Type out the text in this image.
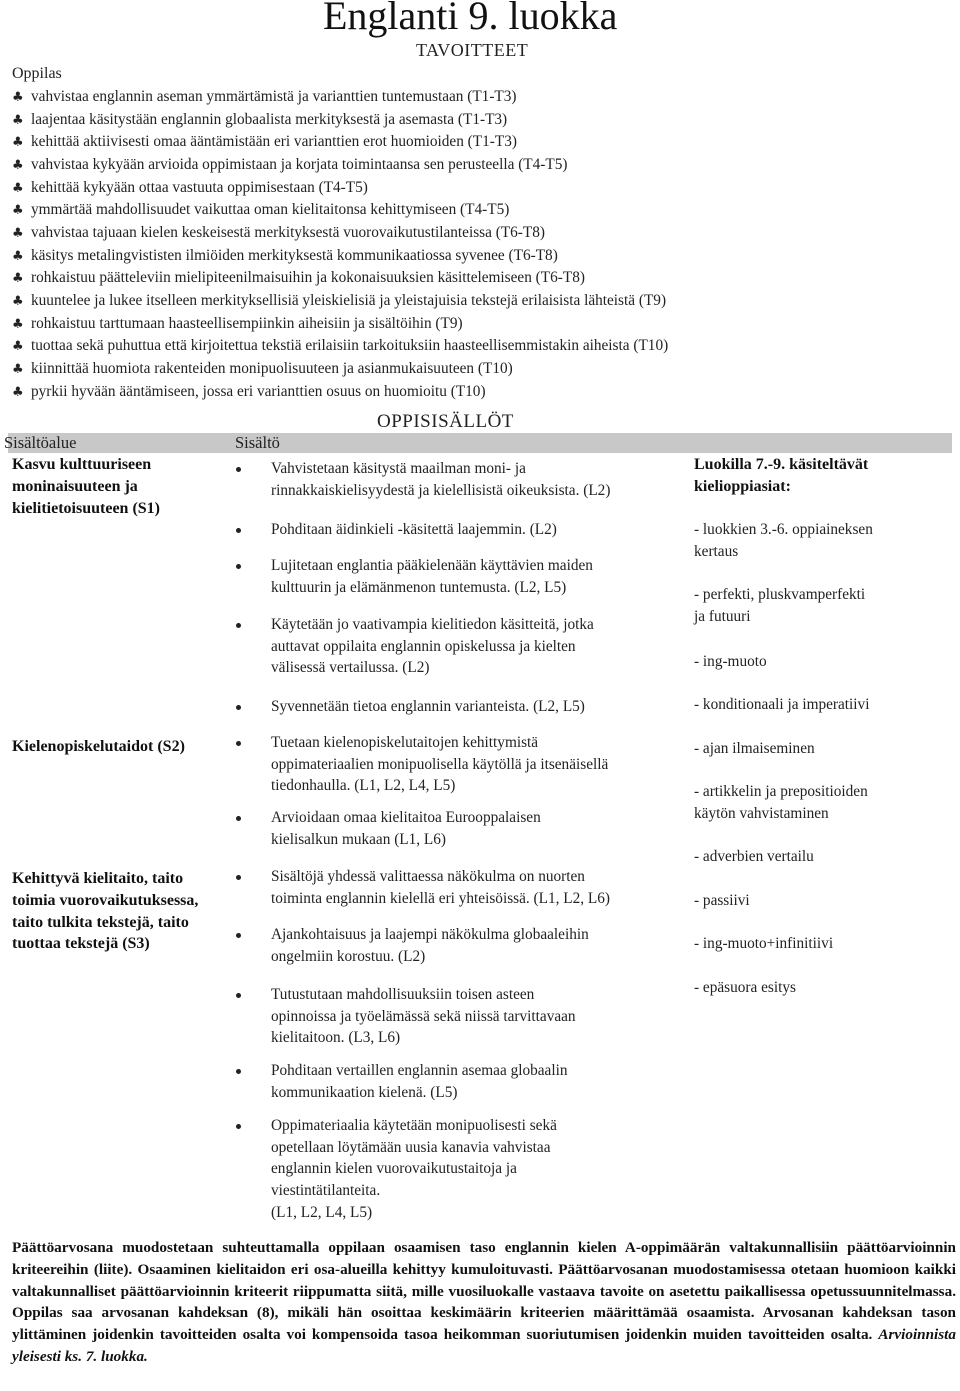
Englanti 9. luokka
TAVOITTEET
Oppilas
♣ vahvistaa englannin aseman ymmärtämistä ja varianttien tuntemustaan (T1-T3)
♣ laajentaa käsitystään englannin globaalista merkityksestä ja asemasta (T1-T3)
♣ kehittää aktiivisesti omaa ääntämistään eri varianttien erot huomioiden (T1-T3)
♣ vahvistaa kykyään arvioida oppimistaan ja korjata toimintaansa sen perusteella (T4-T5)
♣ kehittää kykyään ottaa vastuuta oppimisestaan (T4-T5)
♣ ymmärtää mahdollisuudet vaikuttaa oman kielitaitonsa kehittymiseen (T4-T5)
♣ vahvistaa tajuaan kielen keskeisestä merkityksestä vuorovaikutustilanteissa (T6-T8)
♣ käsitys metalingvististen ilmiöiden merkityksestä kommunikaatiossa syvenee (T6-T8)
♣ rohkaistuu päätteleviin mielipiteenilmaisuihin ja kokonaisuuksien käsittelemiseen (T6-T8)
♣ kuuntelee ja lukee itselleen merkityksellisiä yleiskielisiä ja yleistajuisia tekstejä erilaisista lähteistä (T9)
♣ rohkaistuu tarttumaan haasteellisempiinkin aiheisiin ja sisältöihin (T9)
♣ tuottaa sekä puhuttua että kirjoitettua tekstiä erilaisiin tarkoituksiin haasteellisemmistakin aiheista (T10)
♣ kiinnittää huomiota rakenteiden monipuolisuuteen ja asianmukaisuuteen (T10)
♣ pyrkii hyvään ääntämiseen, jossa eri varianttien osuus on huomioitu (T10)
OPPISISÄLLÖT
Sisältöalue	Sisältö
Kasvu kulttuuriseen moninaisuuteen ja kielitietoisuuteen (S1)
Kielenopiskelutaidot (S2)
Kehittyvä kielitaito, taito toimia vuorovaikutuksessa, taito tulkita tekstejä, taito tuottaa tekstejä (S3)
Vahvistetaan käsitystä maailman moni- ja
rinnakkaiskielisyydestä ja kielellisistä oikeuksista. (L2)
Pohditaan äidinkieli -käsitettä laajemmin. (L2)
Lujitetaan englantia pääkielenään käyttävien maiden
kulttuurin ja elämänmenon tuntemusta. (L2, L5)
Käytetään jo vaativampia kielitiedon käsitteitä, jotka
auttavat oppilaita englannin opiskelussa ja kielten
välisessä vertailussa. (L2)
Syvennetään tietoa englannin varianteista. (L2, L5)
Tuetaan kielenopiskelutaitojen kehittymistä
oppimateriaalien monipuolisella käytöllä ja itsenäisellä
tiedonhaulla. (L1, L2, L4, L5)
Arvioidaan omaa kielitaitoa Eurooppalaisen
kielisalkun mukaan (L1, L6)
Sisältöjä yhdessä valittaessa näkökulma on nuorten
toiminta englannin kielellä eri yhteisöissä. (L1, L2, L6)
Ajankohtaisuus ja laajempi näkökulma globaaleihin
ongelmiin korostuu. (L2)
Tutustutaan mahdollisuuksiin toisen asteen
opinnoissa ja työelämässä sekä niissä tarvittavaan
kielitaitoon. (L3, L6)
Pohditaan vertaillen englannin asemaa globaalin
kommunikaation kielenä. (L5)
Oppimateriaalia käytetään monipuolisesti sekä
opetellaan löytämään uusia kanavia vahvistaa
englannin kielen vuorovaikutustaitoja ja
viestintätilanteita.
(L1, L2, L4, L5)
Luokilla 7.-9. käsiteltävät
kielioppiasiat:
- luokkien 3.-6. oppiaineksen
kertaus
- perfekti, pluskvamperfekti
ja futuuri
- ing-muoto
- konditionaali ja imperatiivi
- ajan ilmaiseminen
- artikkelin ja prepositioiden
käytön vahvistaminen
- adverbien vertailu
- passiivi
- ing-muoto+infinitiivi
- epäsuora esitys
Päättöarvosana muodostetaan suhteuttamalla oppilaan osaamisen taso englannin kielen A-oppimäärän valtakunnallisiin päättöarvioinnin kriteereihin (liite). Osaaminen kielitaidon eri osa-alueilla kehittyy kumuloituvasti. Päättöarvosanan muodostamisessa otetaan huomioon kaikki valtakunnalliset päättöarvioinnin kriteerit riippumatta siitä, mille vuosiluokalle vastaava tavoite on asetettu paikallisessa opetussuunnitelmassa. Oppilas saa arvosanan kahdeksan (8), mikäli hän osoittaa keskimäärin kriteerien määrittämää osaamista. Arvosanan kahdeksan tason ylittäminen joidenkin tavoitteiden osalta voi kompensoida tasoa heikomman suoriutumisen joidenkin muiden tavoitteiden osalta. Arvioinnista yleisesti ks. 7. luokka.
